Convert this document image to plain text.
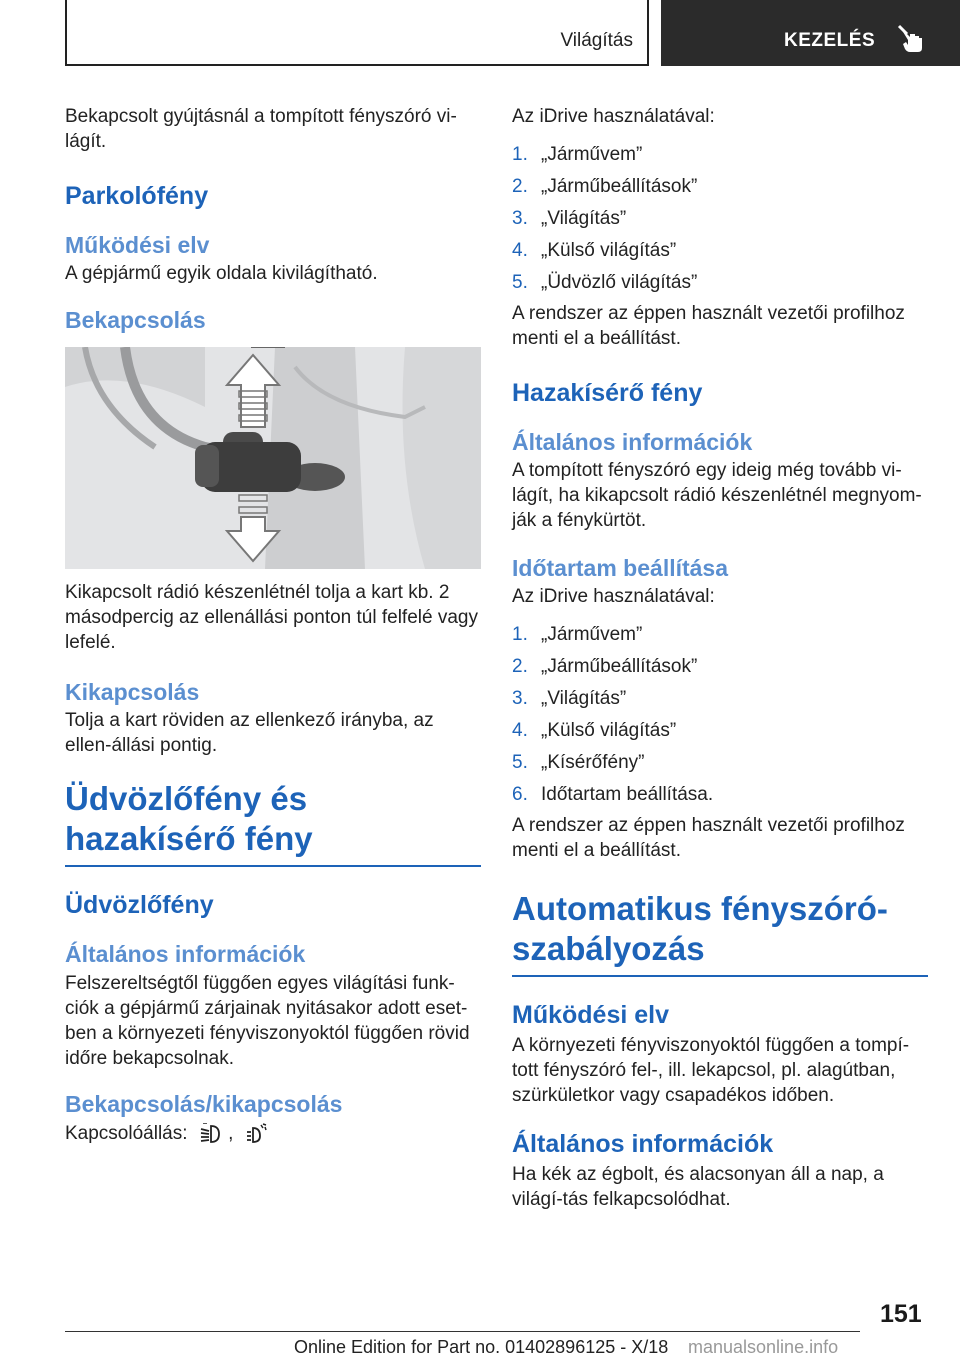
Világítás	KEZELÉS

Bekapcsolt gyújtásnál a tompított fényszóró vi-lágít.

Parkolófény
Működési elv

A gépjármű egyik oldala kivilágítható.

Bekapcsolás

Kikapcsolt rádió készenlétnél tolja a kart kb. 2 másodpercig az ellenállási ponton túl felfelé vagy lefelé.

Kikapcsolás

Tolja a kart röviden az ellenkező irányba, az ellen-állási pontig.

Üdvözlőfény és hazakísérő fény
Üdvözlőfény
Általános információk

Felszereltségtől függően egyes világítási funk-ciók a gépjármű zárjainak nyitásakor adott eset-ben a környezeti fényviszonyoktól függően rövid időre bekapcsolnak.

Bekapcsolás/kikapcsolás

Kapcsolóállás: ,

Az iDrive használatával:

1. „Járművem”
2. „Járműbeállítások”
3. „Világítás”
4. „Külső világítás”
5. „Üdvözlő világítás”

A rendszer az éppen használt vezetői profilhoz menti el a beállítást.

Hazakísérő fény
Általános információk

A tompított fényszóró egy ideig még tovább vi-lágít, ha kikapcsolt rádió készenlétnél megnyom-ják a fénykürtöt.

Időtartam beállítása

Az iDrive használatával:

1. „Járművem”
2. „Járműbeállítások”
3. „Világítás”
4. „Külső világítás”
5. „Kísérőfény”
6. Időtartam beállítása.

A rendszer az éppen használt vezetői profilhoz menti el a beállítást.

Automatikus fényszóró-szabályozás
Működési elv

A környezeti fényviszonyoktól függően a tompí-tott fényszóró fel-, ill. lekapcsol, pl. alagútban, szürkületkor vagy csapadékos időben.

Általános információk

Ha kék az égbolt, és alacsonyan áll a nap, a világí-tás felkapcsolódhat.

151
Online Edition for Part no. 01402896125 - X/18 manualsonline.info
